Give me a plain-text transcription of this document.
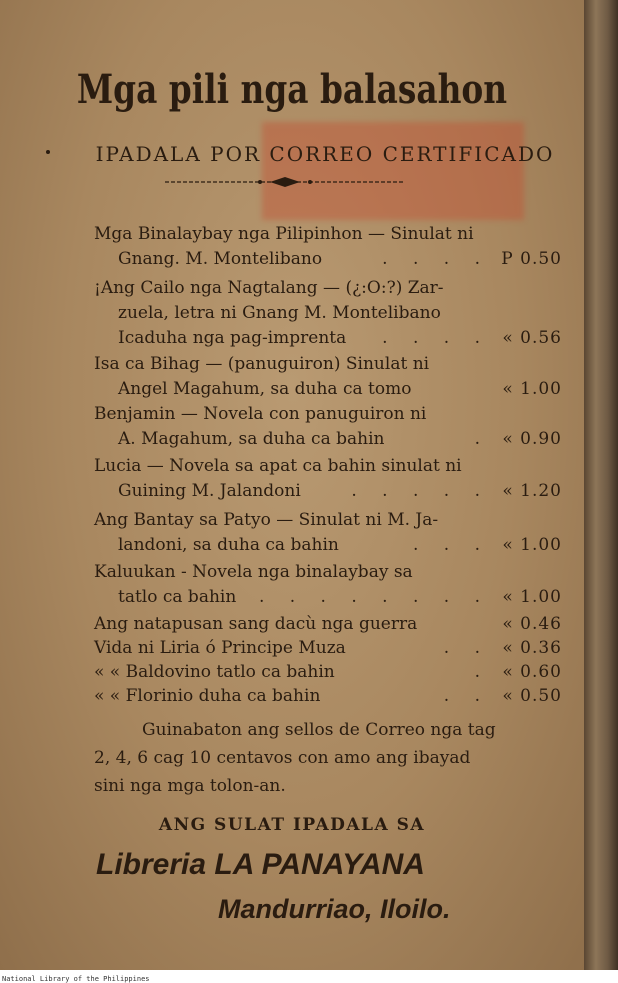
Mga pili nga balasahon
IPADALA POR CORREO CERTIFICADO
Mga Binalaybay nga Pilipinhon — Sinulat ni
Gnang. M. Montelibano	. . . . P 0.50
¡Ang Cailo nga Nagtalang — (¿:O:?) Zar-
zuela, letra ni Gnang M. Montelibano
Icaduha nga pag-imprenta	. . . . « 0.56
Isa ca Bihag — (panuguiron) Sinulat ni
Angel Magahum, sa duha ca tomo	« 1.00
Benjamin — Novela con panuguiron ni
A. Magahum, sa duha ca bahin	. « 0.90
Lucia — Novela sa apat ca bahin sinulat ni
Guining M. Jalandoni	. . . . . « 1.20
Ang Bantay sa Patyo — Sinulat ni M. Ja-
landoni, sa duha ca bahin	. . . « 1.00
Kaluukan - Novela nga binalaybay sa
tatlo ca bahin	. . . . . . . . « 1.00
Ang natapusan sang dacù nga guerra	« 0.46
Vida ni Liria ó Principe Muza	. . « 0.36
« « Baldovino tatlo ca bahin	. « 0.60
« « Florinio duha ca bahin	. . « 0.50
Guinabaton ang sellos de Correo nga tag
2, 4, 6 cag 10 centavos con amo ang ibayad
sini nga mga tolon-an.
ANG SULAT IPADALA SA
Libreria LA PANAYANA
Mandurriao, Iloilo.
National Library of the Philippines
